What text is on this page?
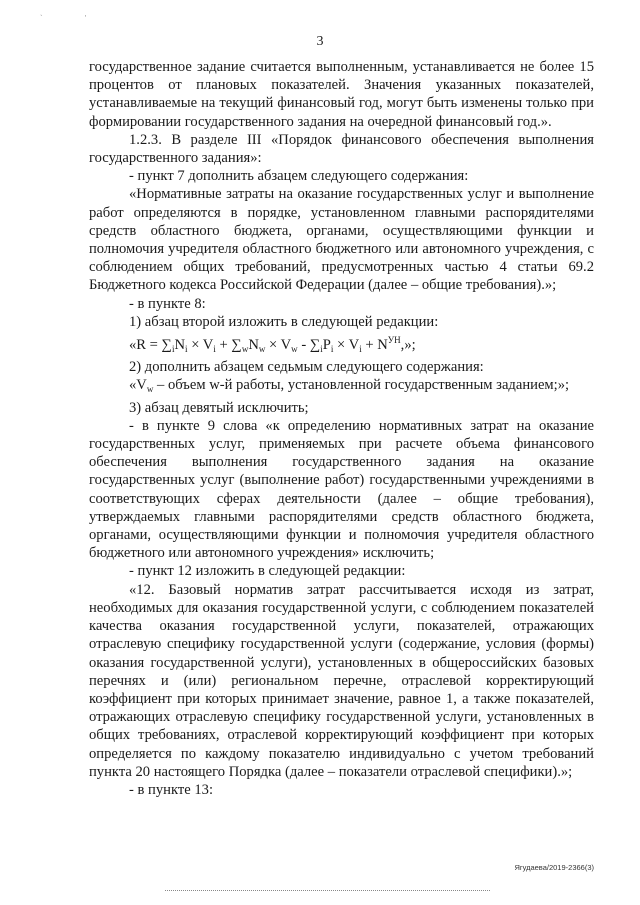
` '
3

государственное задание считается выполненным, устанавливается не более 15 процентов от плановых показателей. Значения указанных показателей, устанавливаемые на текущий финансовый год, могут быть изменены только при формировании государственного задания на очередной финансовый год.».

1.2.3. В разделе III «Порядок финансового обеспечения выполнения государственного задания»:

- пункт 7 дополнить абзацем следующего содержания:

«Нормативные затраты на оказание государственных услуг и выполнение работ определяются в порядке, установленном главными распорядителями средств областного бюджета, органами, осуществляющими функции и полномочия учредителя областного бюджетного или автономного учреждения, с соблюдением общих требований, предусмотренных частью 4 статьи 69.2 Бюджетного кодекса Российской Федерации (далее – общие требования).»;

- в пункте 8:

1) абзац второй изложить в следующей редакции:

«$R = \sum_iN_i \times V_i + \sum_wN_w \times V_w - \sum_iP_i \times V_i + N^{УН}$,»;

2) дополнить абзацем седьмым следующего содержания:

«$V_w$ – объем w-й работы, установленной государственным заданием;»;

3) абзац девятый исключить;

- в пункте 9 слова «к определению нормативных затрат на оказание государственных услуг, применяемых при расчете объема финансового обеспечения выполнения государственного задания на оказание государственных услуг (выполнение работ) государственными учреждениями в соответствующих сферах деятельности (далее – общие требования), утверждаемых главными распорядителями средств областного бюджета, органами, осуществляющими функции и полномочия учредителя областного бюджетного или автономного учреждения» исключить;

- пункт 12 изложить в следующей редакции:

«12. Базовый норматив затрат рассчитывается исходя из затрат, необходимых для оказания государственной услуги, с соблюдением показателей качества оказания государственной услуги, показателей, отражающих отраслевую специфику государственной услуги (содержание, условия (формы) оказания государственной услуги), установленных в общероссийских базовых перечнях и (или) региональном перечне, отраслевой корректирующий коэффициент при которых принимает значение, равное 1, а также показателей, отражающих отраслевую специфику государственной услуги, установленных в общих требованиях, отраслевой корректирующий коэффициент при которых определяется по каждому показателю индивидуально с учетом требований пункта 20 настоящего Порядка (далее – показатели отраслевой специфики).»;

- в пункте 13:

Ягудаева/2019-2366(3)
